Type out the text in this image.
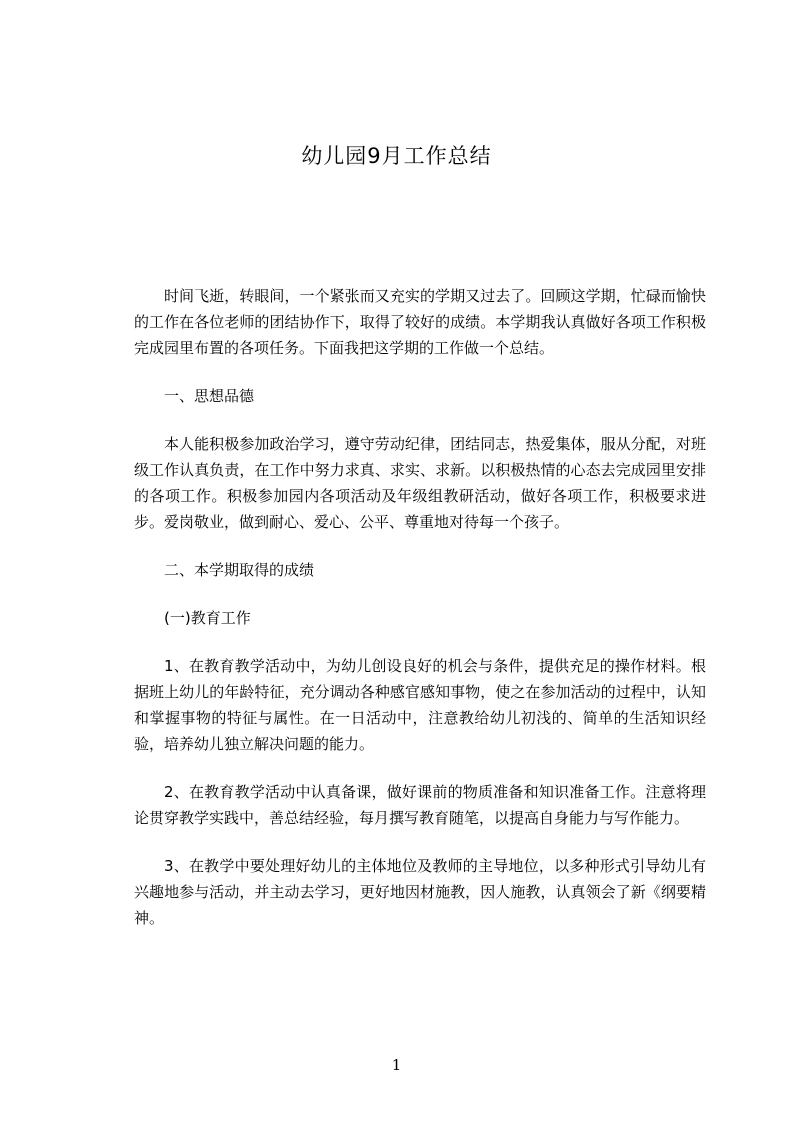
幼儿园9月工作总结

时间飞逝，转眼间，一个紧张而又充实的学期又过去了。回顾这学期，忙碌而愉快的工作在各位老师的团结协作下，取得了较好的成绩。本学期我认真做好各项工作积极完成园里布置的各项任务。下面我把这学期的工作做一个总结。

一、思想品德

本人能积极参加政治学习，遵守劳动纪律，团结同志，热爱集体，服从分配，对班级工作认真负责，在工作中努力求真、求实、求新。以积极热情的心态去完成园里安排的各项工作。积极参加园内各项活动及年级组教研活动，做好各项工作，积极要求进步。爱岗敬业，做到耐心、爱心、公平、尊重地对待每一个孩子。

二、本学期取得的成绩

(一)教育工作

1、在教育教学活动中，为幼儿创设良好的机会与条件，提供充足的操作材料。根据班上幼儿的年龄特征，充分调动各种感官感知事物，使之在参加活动的过程中，认知和掌握事物的特征与属性。在一日活动中，注意教给幼儿初浅的、简单的生活知识经验，培养幼儿独立解决问题的能力。

2、在教育教学活动中认真备课，做好课前的物质准备和知识准备工作。注意将理论贯穿教学实践中，善总结经验，每月撰写教育随笔，以提高自身能力与写作能力。

3、在教学中要处理好幼儿的主体地位及教师的主导地位，以多种形式引导幼儿有兴趣地参与活动，并主动去学习，更好地因材施教，因人施教，认真领会了新《纲要精神。

1
